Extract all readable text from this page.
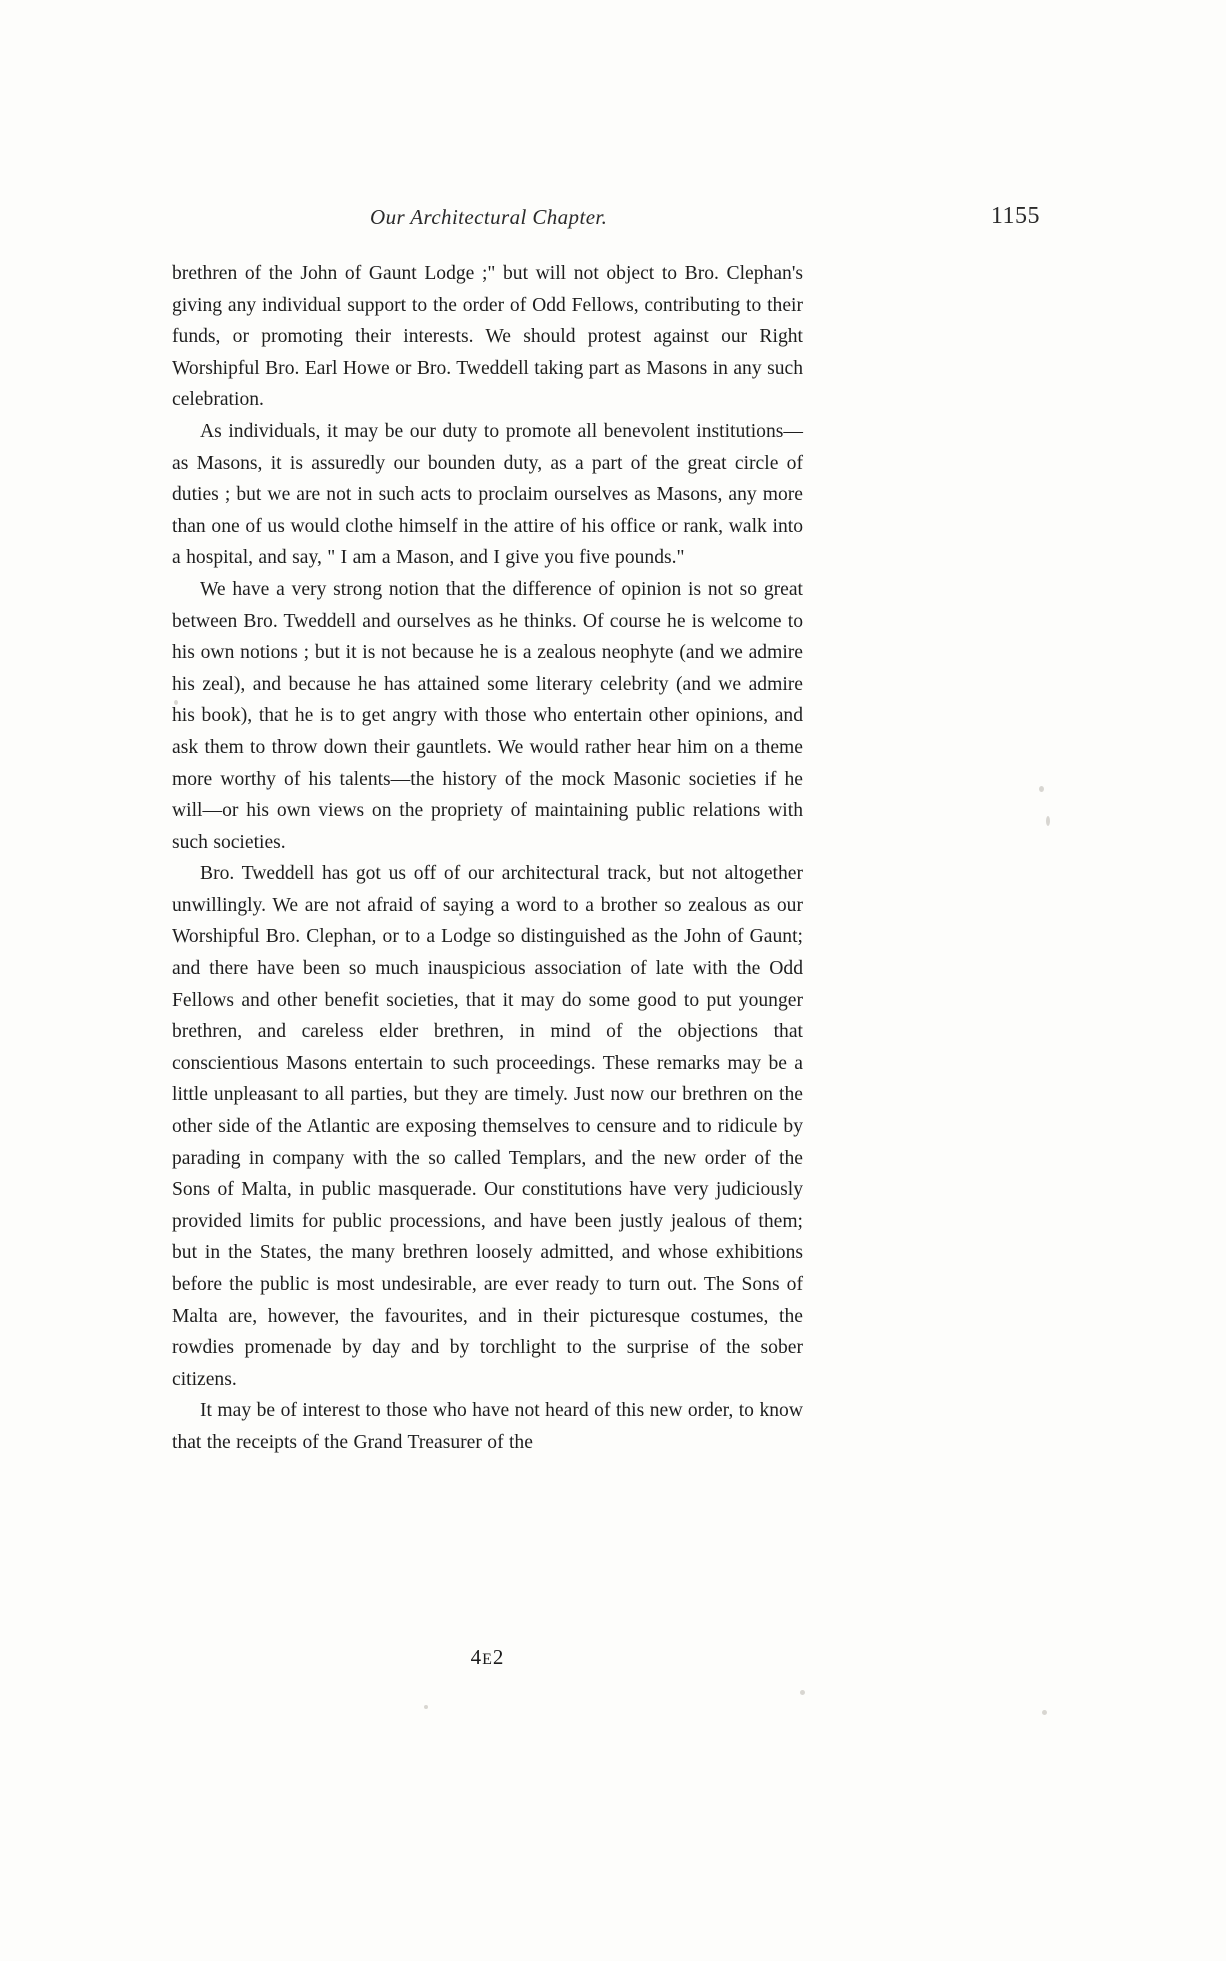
Our Architectural Chapter.	1155

brethren of the John of Gaunt Lodge ;" but will not object to Bro. Clephan's giving any individual support to the order of Odd Fellows, contributing to their funds, or promoting their interests. We should protest against our Right Worshipful Bro. Earl Howe or Bro. Tweddell taking part as Masons in any such celebration.

As individuals, it may be our duty to promote all benevolent institutions—as Masons, it is assuredly our bounden duty, as a part of the great circle of duties ; but we are not in such acts to proclaim ourselves as Masons, any more than one of us would clothe himself in the attire of his office or rank, walk into a hospital, and say, " I am a Mason, and I give you five pounds."

We have a very strong notion that the difference of opinion is not so great between Bro. Tweddell and ourselves as he thinks. Of course he is welcome to his own notions ; but it is not because he is a zealous neophyte (and we admire his zeal), and because he has attained some literary celebrity (and we admire his book), that he is to get angry with those who entertain other opinions, and ask them to throw down their gauntlets. We would rather hear him on a theme more worthy of his talents—the history of the mock Masonic societies if he will—or his own views on the propriety of maintaining public relations with such societies.

Bro. Tweddell has got us off of our architectural track, but not altogether unwillingly. We are not afraid of saying a word to a brother so zealous as our Worshipful Bro. Clephan, or to a Lodge so distinguished as the John of Gaunt; and there have been so much inauspicious association of late with the Odd Fellows and other benefit societies, that it may do some good to put younger brethren, and careless elder brethren, in mind of the objections that conscientious Masons entertain to such proceedings. These remarks may be a little unpleasant to all parties, but they are timely. Just now our brethren on the other side of the Atlantic are exposing themselves to censure and to ridicule by parading in company with the so called Templars, and the new order of the Sons of Malta, in public masquerade. Our constitutions have very judiciously provided limits for public processions, and have been justly jealous of them; but in the States, the many brethren loosely admitted, and whose exhibitions before the public is most undesirable, are ever ready to turn out. The Sons of Malta are, however, the favourites, and in their picturesque costumes, the rowdies promenade by day and by torchlight to the surprise of the sober citizens.

It may be of interest to those who have not heard of this new order, to know that the receipts of the Grand Treasurer of the

4E2
